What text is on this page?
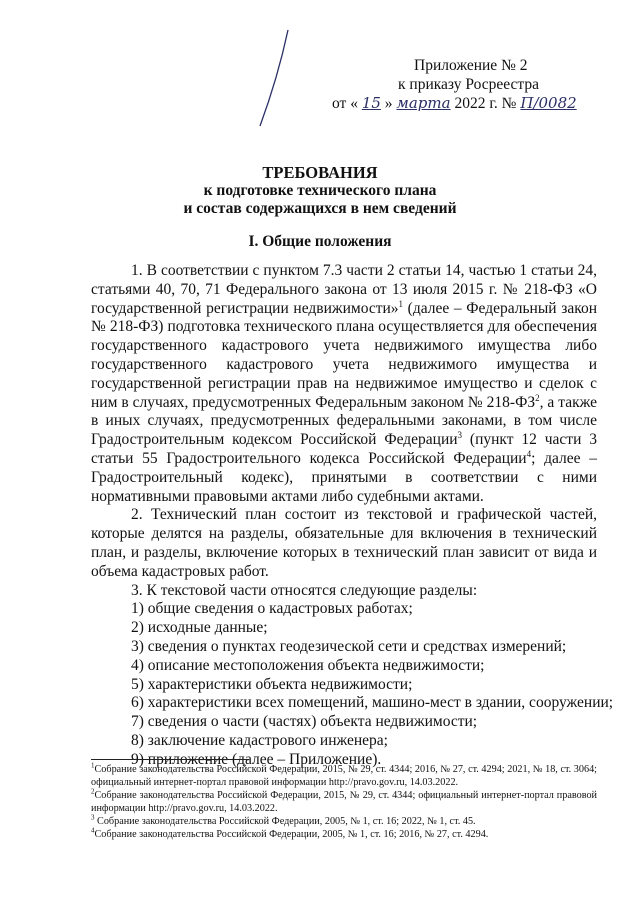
Приложение № 2
к приказу Росреестра
от « 15 » марта 2022 г. № П/0082
ТРЕБОВАНИЯ
к подготовке технического плана
и состав содержащихся в нем сведений
I. Общие положения

1. В соответствии с пунктом 7.3 части 2 статьи 14, частью 1 статьи 24, статьями 40, 70, 71 Федерального закона от 13 июля 2015 г. № 218-ФЗ «О государственной регистрации недвижимости»$^1$ (далее – Федеральный закон № 218-ФЗ) подготовка технического плана осуществляется для обеспечения государственного кадастрового учета недвижимого имущества либо государственного кадастрового учета недвижимого имущества и государственной регистрации прав на недвижимое имущество и сделок с ним в случаях, предусмотренных Федеральным законом № $218-ФЗ^2$, а также в иных случаях, предусмотренных федеральными законами, в том числе Градостроительным кодексом Российской Федерации$^3$ (пункт 12 части 3 статьи 55 Градостроительного кодекса Российской Федерации$^4$; далее – Градостроительный кодекс), принятыми в соответствии с ними нормативными правовыми актами либо судебными актами.

2. Технический план состоит из текстовой и графической частей, которые делятся на разделы, обязательные для включения в технический план, и разделы, включение которых в технический план зависит от вида и объема кадастровых работ.

3. К текстовой части относятся следующие разделы:

1) общие сведения о кадастровых работах;
2) исходные данные;
3) сведения о пунктах геодезической сети и средствах измерений;
4) описание местоположения объекта недвижимости;
5) характеристики объекта недвижимости;
6) характеристики всех помещений, машино-мест в здании, сооружении;
7) сведения о части (частях) объекта недвижимости;
8) заключение кадастрового инженера;
9) приложение (далее – Приложение).

$^1$Собрание законодательства Российской Федерации, 2015, № 29, ст. 4344; 2016, № 27, ст. 4294; 2021, № 18, ст. 3064; официальный интернет-портал правовой информации http://pravo.gov.ru, 14.03.2022.

$^2$Собрание законодательства Российской Федерации, 2015, № 29, ст. 4344; официальный интернет-портал правовой информации http://pravo.gov.ru, 14.03.2022.

$^3$ Собрание законодательства Российской Федерации, 2005, № 1, ст. 16; 2022, № 1, ст. 45.

$^4$Собрание законодательства Российской Федерации, 2005, № 1, ст. 16; 2016, № 27, ст. 4294.
